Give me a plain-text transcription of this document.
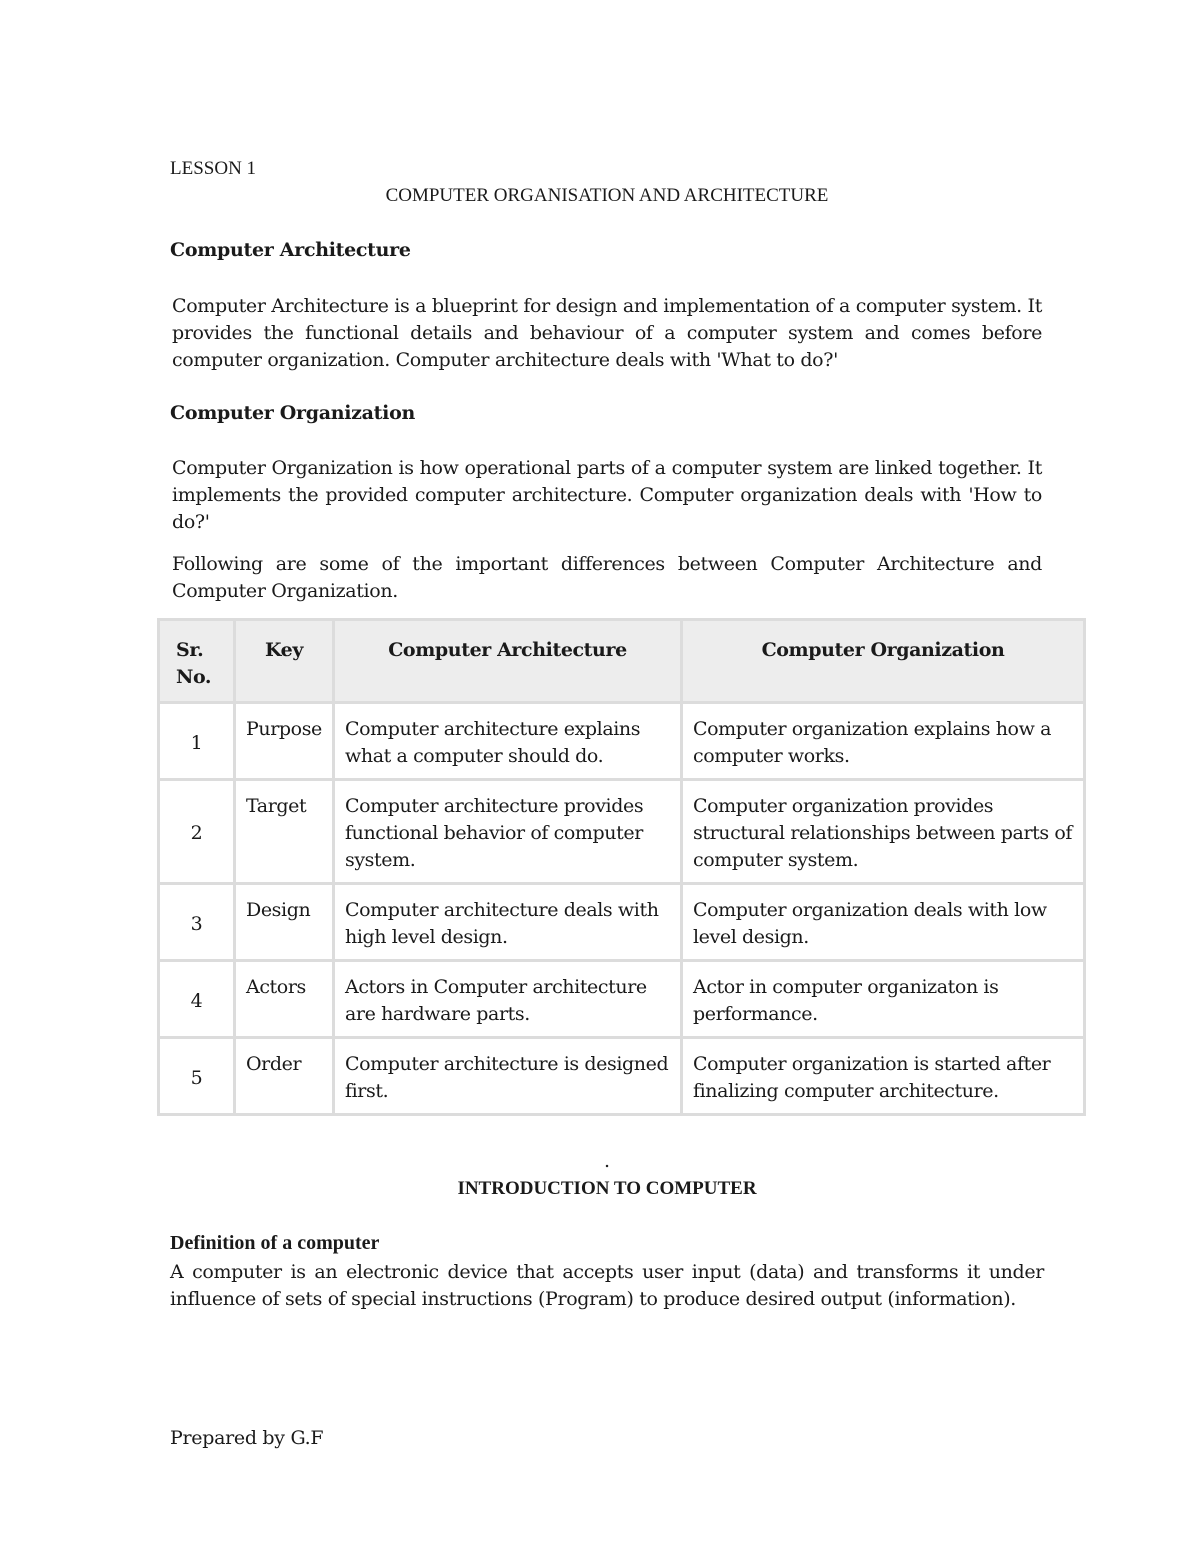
LESSON 1

COMPUTER ORGANISATION AND ARCHITECTURE

Computer Architecture

Computer Architecture is a blueprint for design and implementation of a computer system. It provides the functional details and behaviour of a computer system and comes before computer organization. Computer architecture deals with 'What to do?'

Computer Organization

Computer Organization is how operational parts of a computer system are linked together. It implements the provided computer architecture. Computer organization deals with 'How to do?'

Following are some of the important differences between Computer Architecture and Computer Organization.

Sr. No.	Key	Computer Architecture	Computer Organization
1	Purpose	Computer architecture explains what a computer should do.	Computer organization explains how a computer works.
2	Target	Computer architecture provides functional behavior of computer system.	Computer organization provides structural relationships between parts of computer system.
3	Design	Computer architecture deals with high level design.	Computer organization deals with low level design.
4	Actors	Actors in Computer architecture are hardware parts.	Actor in computer organizaton is performance.
5	Order	Computer architecture is designed first.	Computer organization is started after finalizing computer architecture.

.

INTRODUCTION TO COMPUTER

Definition of a computer

A computer is an electronic device that accepts user input (data) and transforms it under influence of sets of special instructions (Program) to produce desired output (information).

Prepared by G.F
